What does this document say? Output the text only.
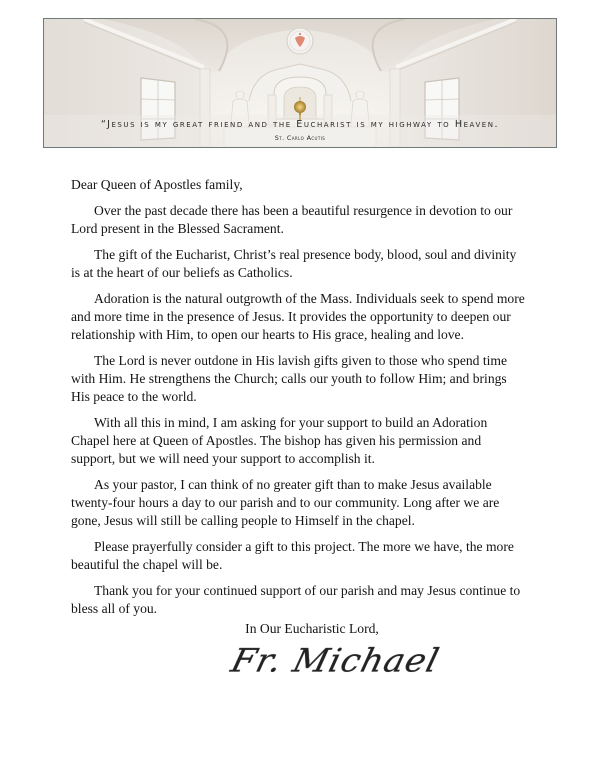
“Jesus is my great friend and the Eucharist is my highway to Heaven.
St. Carlo Acutis
Dear Queen of Apostles family,
Over the past decade there has been a beautiful resurgence in devotion to our
Lord present in the Blessed Sacrament.
The gift of the Eucharist, Christ’s real presence body, blood, soul and divinity
is at the heart of our beliefs as Catholics.
Adoration is the natural outgrowth of the Mass. Individuals seek to spend more
and more time in the presence of Jesus. It provides the opportunity to deepen our
relationship with Him, to open our hearts to His grace, healing and love.
The Lord is never outdone in His lavish gifts given to those who spend time
with Him. He strengthens the Church; calls our youth to follow Him; and brings
His peace to the world.
With all this in mind, I am asking for your support to build an Adoration
Chapel here at Queen of Apostles. The bishop has given his permission and
support, but we will need your support to accomplish it.
As your pastor, I can think of no greater gift than to make Jesus available
twenty-four hours a day to our parish and to our community. Long after we are
gone, Jesus will still be calling people to Himself in the chapel.
Please prayerfully consider a gift to this project. The more we have, the more
beautiful the chapel will be.
Thank you for your continued support of our parish and may Jesus continue to
bless all of you.
In Our Eucharistic Lord,
Fr. Michael
